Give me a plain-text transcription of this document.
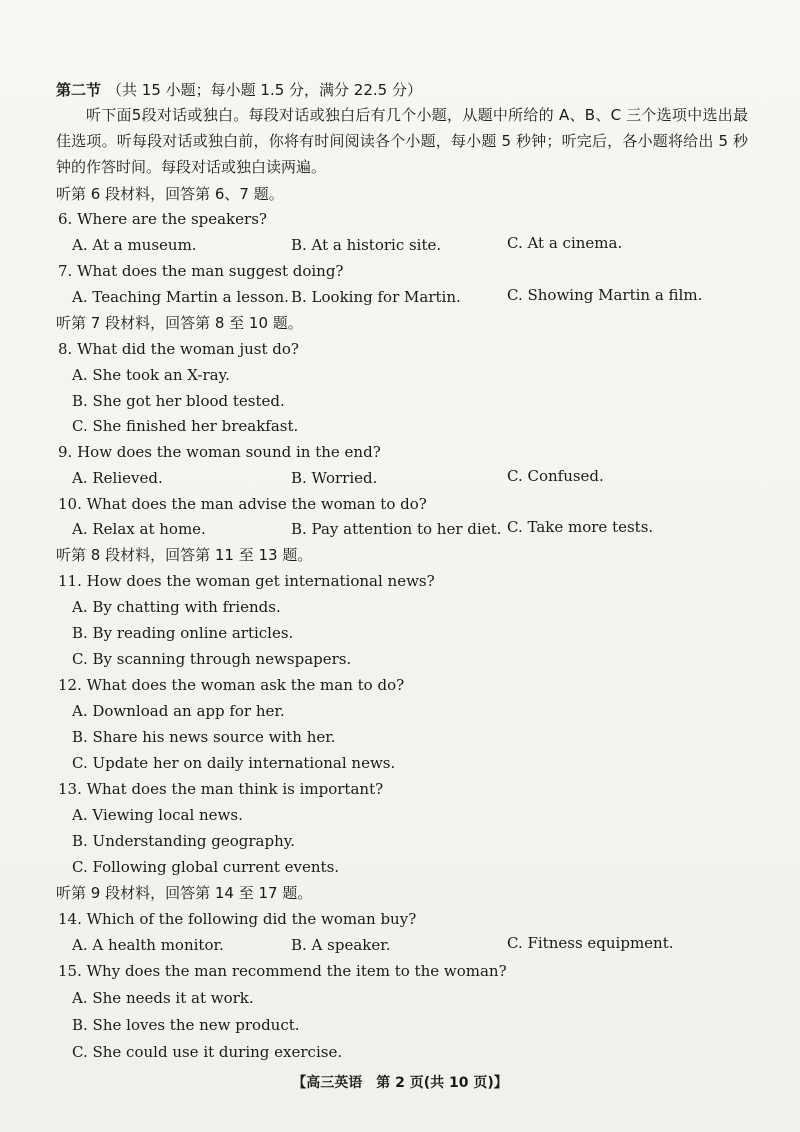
第二节 （共 15 小题；每小题 1.5 分，满分 22.5 分）
听下面5段对话或独白。每段对话或独白后有几个小题，从题中所给的 A、B、C 三个选项中选出最佳选项。听每段对话或独白前，你将有时间阅读各个小题，每小题 5 秒钟；听完后，各小题将给出 5 秒钟的作答时间。每段对话或独白读两遍。
听第 6 段材料，回答第 6、7 题。
6. Where are the speakers?
A. At a museum.	B. At a historic site.	C. At a cinema.
7. What does the man suggest doing?
A. Teaching Martin a lesson. B. Looking for Martin.	C. Showing Martin a film.
听第 7 段材料，回答第 8 至 10 题。
8. What did the woman just do?
A. She took an X-ray.
B. She got her blood tested.
C. She finished her breakfast.
9. How does the woman sound in the end?
A. Relieved.	B. Worried.	C. Confused.
10. What does the man advise the woman to do?
A. Relax at home.	B. Pay attention to her diet. C. Take more tests.
听第 8 段材料，回答第 11 至 13 题。
11. How does the woman get international news?
A. By chatting with friends.
B. By reading online articles.
C. By scanning through newspapers.
12. What does the woman ask the man to do?
A. Download an app for her.
B. Share his news source with her.
C. Update her on daily international news.
13. What does the man think is important?
A. Viewing local news.
B. Understanding geography.
C. Following global current events.
听第 9 段材料，回答第 14 至 17 题。
14. Which of the following did the woman buy?
A. A health monitor.	B. A speaker.	C. Fitness equipment.
15. Why does the man recommend the item to the woman?
A. She needs it at work.
B. She loves the new product.
C. She could use it during exercise.
【高三英语　第 2 页(共 10 页)】
